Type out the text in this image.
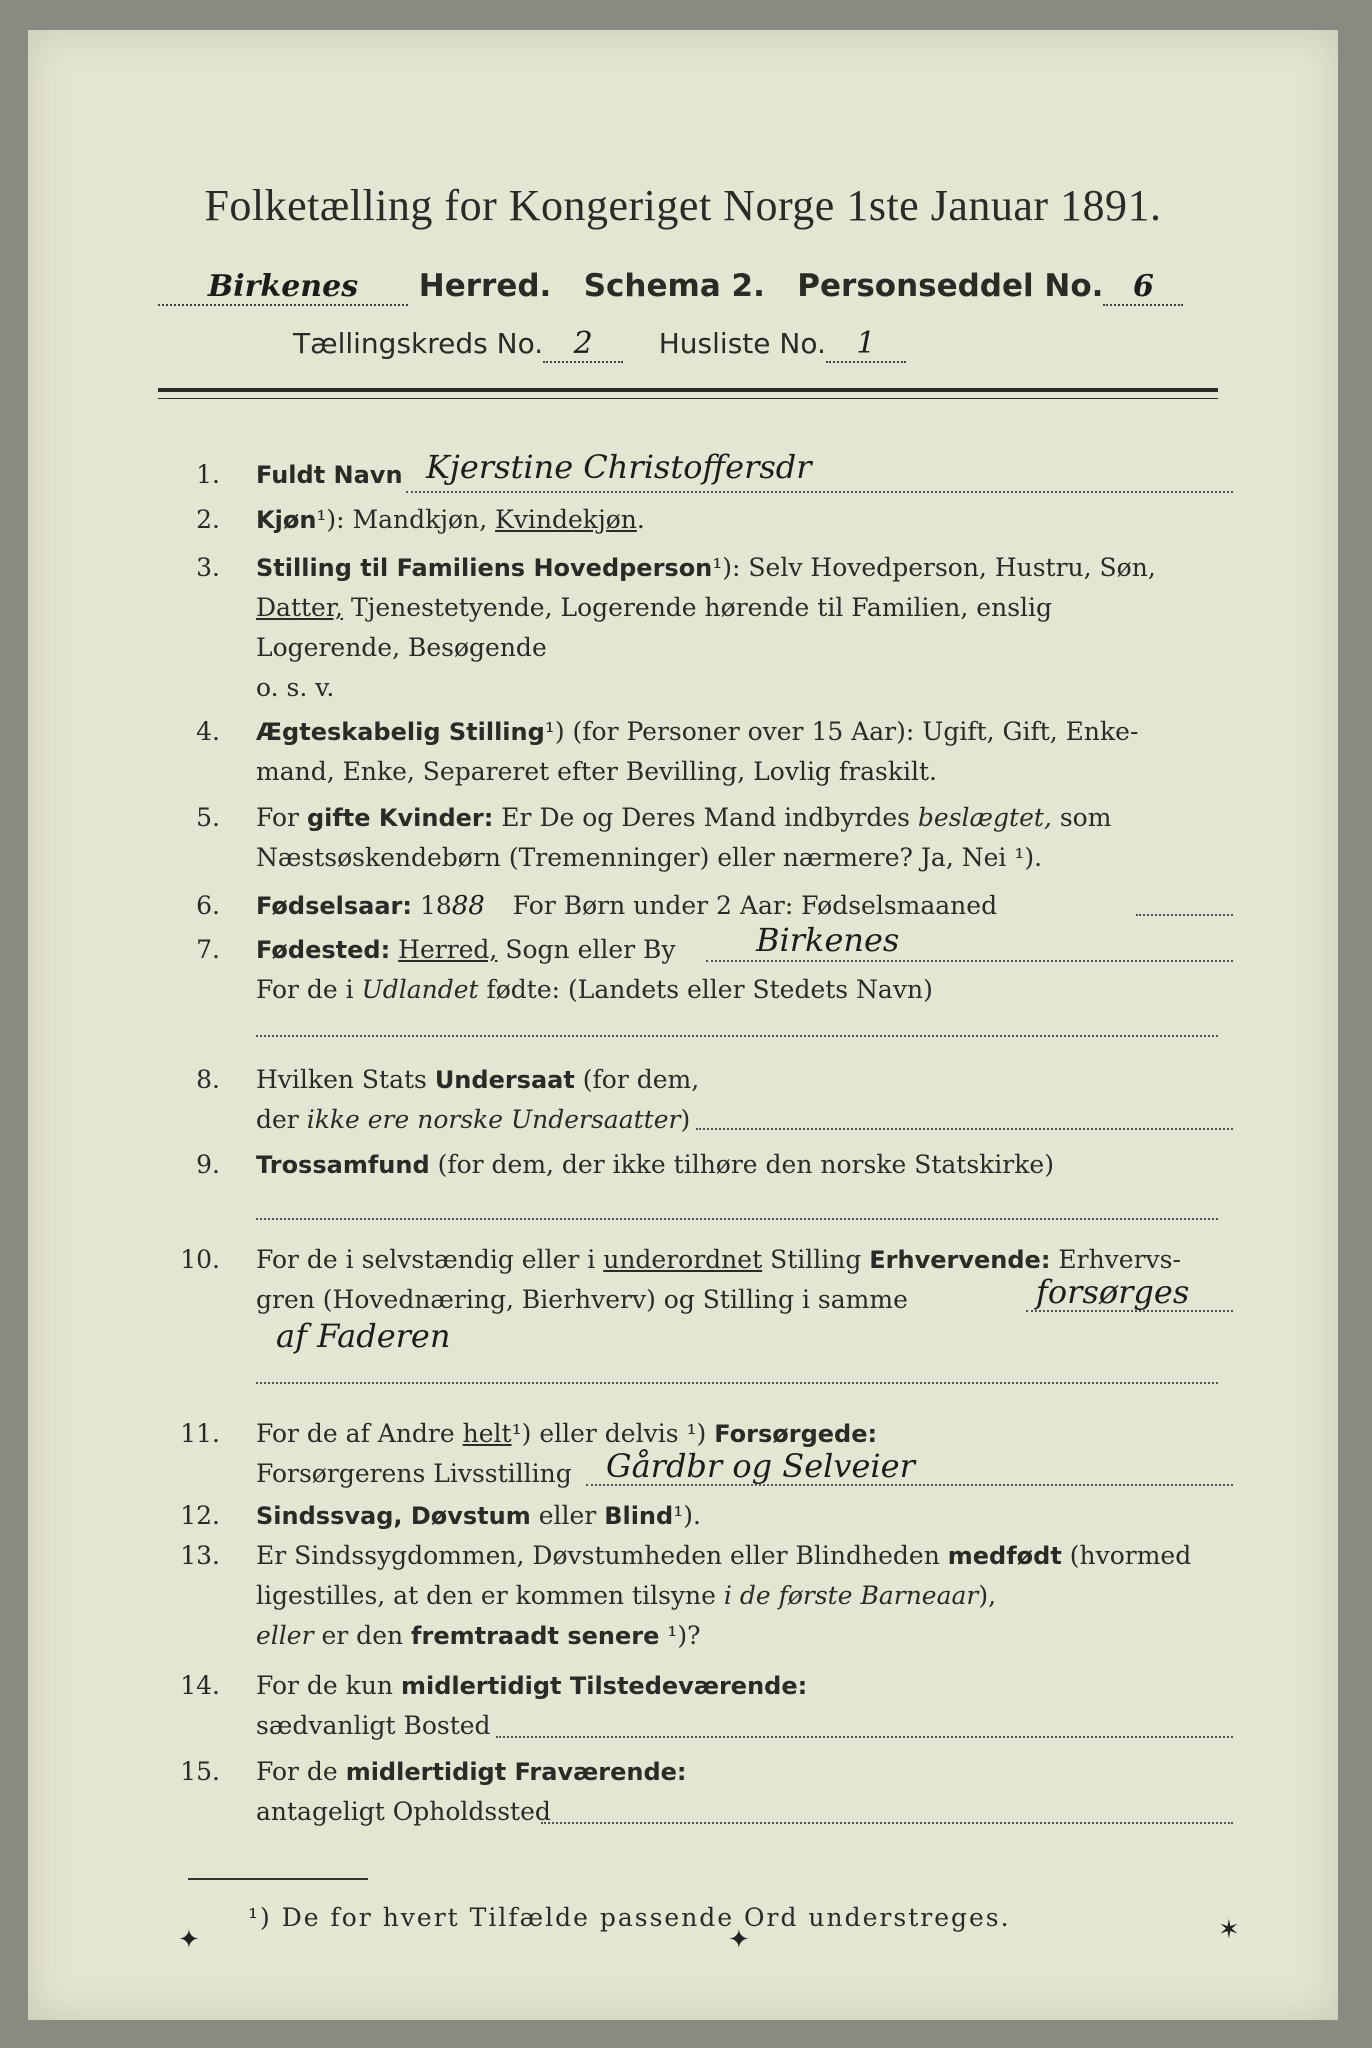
Folketælling for Kongeriget Norge 1ste Januar 1891.
Birkenes Herred. Schema 2. Personseddel No. 6
Tællingskreds No. 2 Husliste No. 1
1. Fuldt Navn Kjerstine Christoffersdr
2. Kjøn¹): Mandkjøn, Kvindekjøn.
3. Stilling til Familiens Hovedperson¹): Selv Hovedperson, Hustru, Søn,
Datter, Tjenestetyende, Logerende hørende til Familien, enslig
Logerende, Besøgende
o. s. v.
4. Ægteskabelig Stilling¹) (for Personer over 15 Aar): Ugift, Gift, Enke-
mand, Enke, Separeret efter Bevilling, Lovlig fraskilt.
5. For gifte Kvinder: Er De og Deres Mand indbyrdes beslægtet, som
Næstsøskendebørn (Tremenninger) eller nærmere? Ja, Nei ¹).
6. Fødselsaar: 1888 For Børn under 2 Aar: Fødselsmaaned
7. Fødested: Herred, Sogn eller By	Birkenes
For de i Udlandet fødte: (Landets eller Stedets Navn)
8. Hvilken Stats Undersaat (for dem,
der ikke ere norske Undersaatter)
9. Trossamfund (for dem, der ikke tilhøre den norske Statskirke)
10. For de i selvstændig eller i underordnet Stilling Erhvervende: Erhvervs-
gren (Hovednæring, Bierhverv) og Stilling i samme	forsørges
af Faderen
11. For de af Andre helt¹) eller delvis ¹) Forsørgede:
Forsørgerens Livsstilling Gårdbr og Selveier
12. Sindssvag, Døvstum eller Blind¹).
13. Er Sindssygdommen, Døvstumheden eller Blindheden medfødt (hvormed
ligestilles, at den er kommen tilsyne i de første Barneaar),
eller er den fremtraadt senere ¹)?
14. For de kun midlertidigt Tilstedeværende:
sædvanligt Bosted
15. For de midlertidigt Fraværende:
antageligt Opholdssted
¹) De for hvert Tilfælde passende Ord understreges.
✦	✦	✶
